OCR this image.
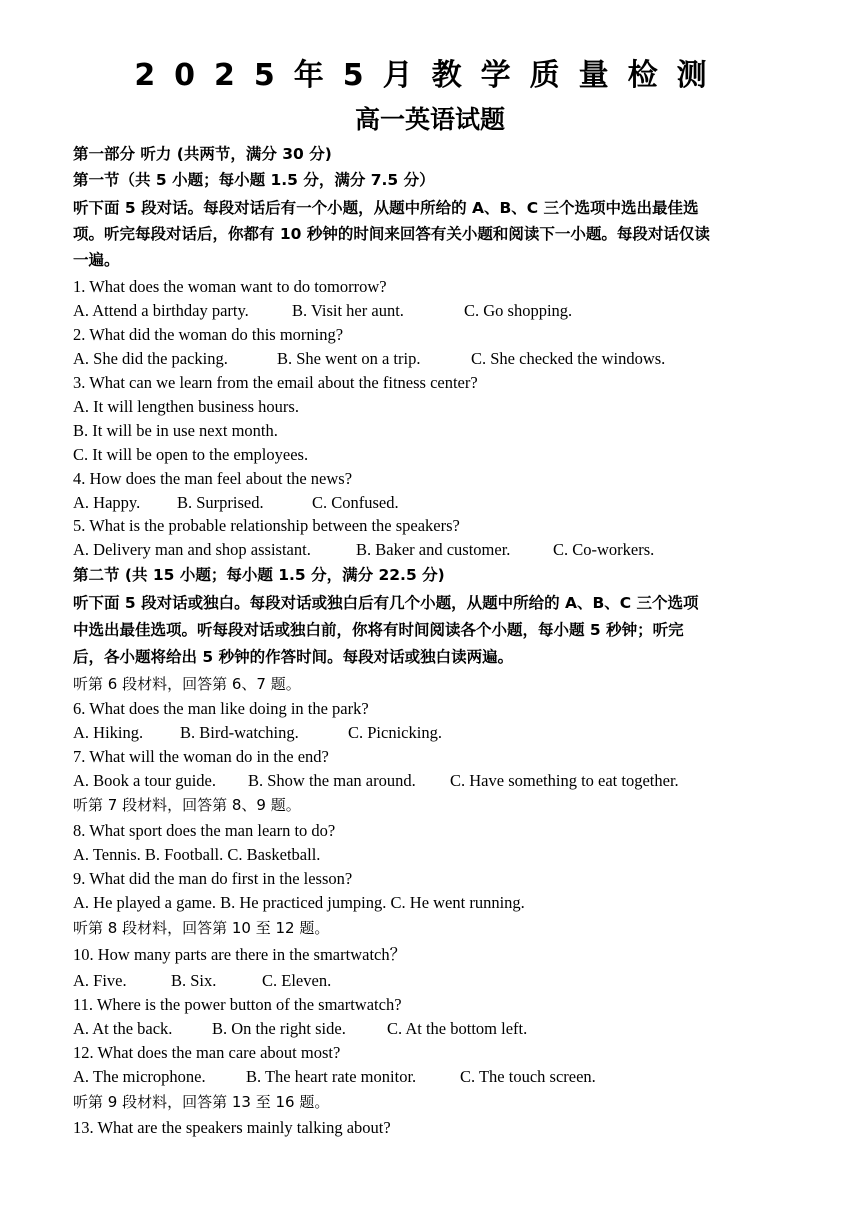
2025年5月教学质量检测
高一英语试题
第一部分 听力 (共两节，满分 30 分)
第一节（共 5 小题；每小题 1.5 分，满分 7.5 分）
听下面 5 段对话。每段对话后有一个小题，从题中所给的 A、B、C 三个选项中选出最佳选
项。听完每段对话后，你都有 10 秒钟的时间来回答有关小题和阅读下一小题。每段对话仅读
一遍。
1. What does the woman want to do tomorrow?
A. Attend a birthday party.	B. Visit her aunt.	C. Go shopping.
2. What did the woman do this morning?
A. She did the packing.	B. She went on a trip.	C. She checked the windows.
3. What can we learn from the email about the fitness center?
A. It will lengthen business hours.
B. It will be in use next month.
C. It will be open to the employees.
4. How does the man feel about the news?
A. Happy. B. Surprised.	C. Confused.
5. What is the probable relationship between the speakers?
A. Delivery man and shop assistant.	B. Baker and customer.	C. Co-workers.
第二节 (共 15 小题；每小题 1.5 分，满分 22.5 分)
听下面 5 段对话或独白。每段对话或独白后有几个小题，从题中所给的 A、B、C 三个选项
中选出最佳选项。听每段对话或独白前，你将有时间阅读各个小题，每小题 5 秒钟；听完
后，各小题将给出 5 秒钟的作答时间。每段对话或独白读两遍。
听第 6 段材料，回答第 6、7 题。
6. What does the man like doing in the park?
A. Hiking. B. Bird-watching.	C. Picnicking.
7. What will the woman do in the end?
A. Book a tour guide. B. Show the man around. C. Have something to eat together.
听第 7 段材料，回答第 8、9 题。
8. What sport does the man learn to do?
A. Tennis. B. Football. C. Basketball.
9. What did the man do first in the lesson?
A. He played a game. B. He practiced jumping. C. He went running.
听第 8 段材料，回答第 10 至 12 题。
10. How many parts are there in the smartwatch？
A. Five.	B. Six.	C. Eleven.
11. Where is the power button of the smartwatch?
A. At the back. B. On the right side. C. At the bottom left.
12. What does the man care about most?
A. The microphone. B. The heart rate monitor.	C. The touch screen.
听第 9 段材料，回答第 13 至 16 题。
13. What are the speakers mainly talking about?
